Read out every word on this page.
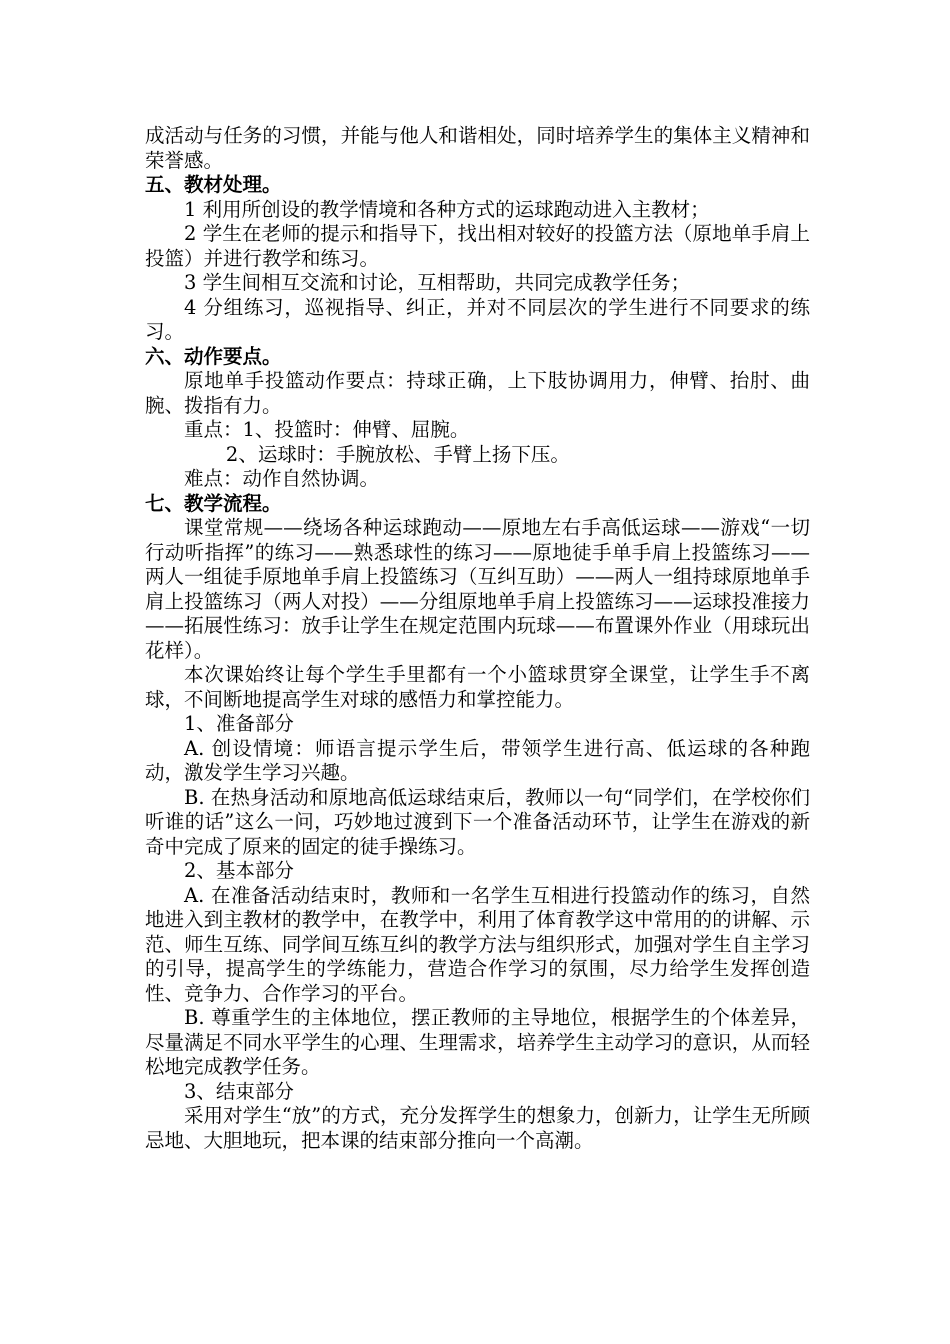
成活动与任务的习惯，并能与他人和谐相处，同时培养学生的集体主义精神和荣誉感。

五、教材处理。

1 利用所创设的教学情境和各种方式的运球跑动进入主教材；

2 学生在老师的提示和指导下，找出相对较好的投篮方法（原地单手肩上投篮）并进行教学和练习。

3 学生间相互交流和讨论，互相帮助，共同完成教学任务；

4 分组练习，巡视指导、纠正，并对不同层次的学生进行不同要求的练习。

六、动作要点。

原地单手投篮动作要点：持球正确，上下肢协调用力，伸臂、抬肘、曲腕、拨指有力。

重点：1、投篮时：伸臂、屈腕。

2、运球时：手腕放松、手臂上扬下压。

难点：动作自然协调。

七、教学流程。

课堂常规——绕场各种运球跑动——原地左右手高低运球——游戏“一切行动听指挥”的练习——熟悉球性的练习——原地徒手单手肩上投篮练习——两人一组徒手原地单手肩上投篮练习（互纠互助）——两人一组持球原地单手肩上投篮练习（两人对投）——分组原地单手肩上投篮练习——运球投准接力——拓展性练习：放手让学生在规定范围内玩球——布置课外作业（用球玩出花样）。

本次课始终让每个学生手里都有一个小篮球贯穿全课堂，让学生手不离球，不间断地提高学生对球的感悟力和掌控能力。

1、准备部分

A. 创设情境：师语言提示学生后，带领学生进行高、低运球的各种跑动，激发学生学习兴趣。

B. 在热身活动和原地高低运球结束后，教师以一句“同学们，在学校你们听谁的话”这么一问，巧妙地过渡到下一个准备活动环节，让学生在游戏的新奇中完成了原来的固定的徒手操练习。

2、基本部分

A. 在准备活动结束时，教师和一名学生互相进行投篮动作的练习，自然地进入到主教材的教学中，在教学中，利用了体育教学这中常用的的讲解、示范、师生互练、同学间互练互纠的教学方法与组织形式，加强对学生自主学习的引导，提高学生的学练能力，营造合作学习的氛围，尽力给学生发挥创造性、竞争力、合作学习的平台。

B. 尊重学生的主体地位，摆正教师的主导地位，根据学生的个体差异，尽量满足不同水平学生的心理、生理需求，培养学生主动学习的意识，从而轻松地完成教学任务。

3、结束部分

采用对学生“放”的方式，充分发挥学生的想象力，创新力，让学生无所顾忌地、大胆地玩，把本课的结束部分推向一个高潮。
